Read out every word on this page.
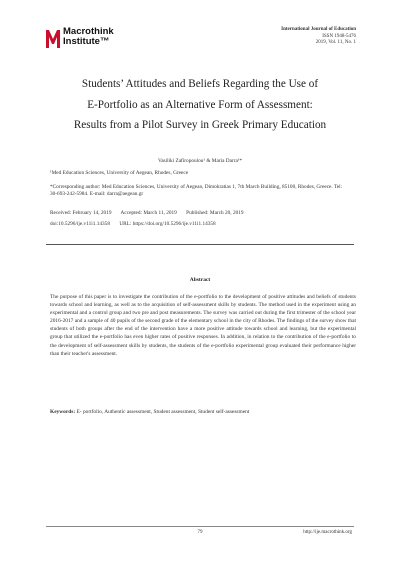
Macrothink
Institute™
International Journal of Education
ISSN 1948-5476
2019, Vol. 11, No. 1
Students’ Attitudes and Beliefs Regarding the Use of
E-Portfolio as an Alternative Form of Assessment:
Results from a Pilot Survey in Greek Primary Education
Vasiliki Zafiropoulou¹ & Maria Darra¹*

¹Med Education Sciences, University of Aegean, Rhodes, Greece

*Corresponding author: Med Education Sciences, University of Aegean, Dimokratias 1, 7th March Building, 85100, Rhodes, Greece. Tel: 30-693-242-5984. E-mail: darra@aegean.gr

Received: February 14, 2019 Accepted: March 11, 2019 Published: March 20, 2019
doi:10.5296/ije.v11i1.14358 URL: https://doi.org/10.5296/ije.v11i1.14358
Abstract
The purpose of this paper is to investigate the contribution of the e-portfolio to the development of positive attitudes and beliefs of students towards school and learning, as well as to the acquisition of self-assessment skills by students. The method used in the experiment using an experimental and a control group and two pre and post measurements. The survey was carried out during the first trimester of the school year 2016-2017 and a sample of 40 pupils of the second grade of the elementary school in the city of Rhodes. The findings of the survey show that students of both groups after the end of the intervention have a more positive attitude towards school and learning, but the experimental group that utilized the e-portfolio has even higher rates of positive responses. In addition, in relation to the contribution of the e-portfolio to the development of self-assessment skills by students, the students of the e-portfolio experimental group evaluated their performance higher than their teacher's assessment.
Keywords: E- portfolio, Authentic assessment, Student assessment, Student self-assessment
79	http://ije.macrothink.org
